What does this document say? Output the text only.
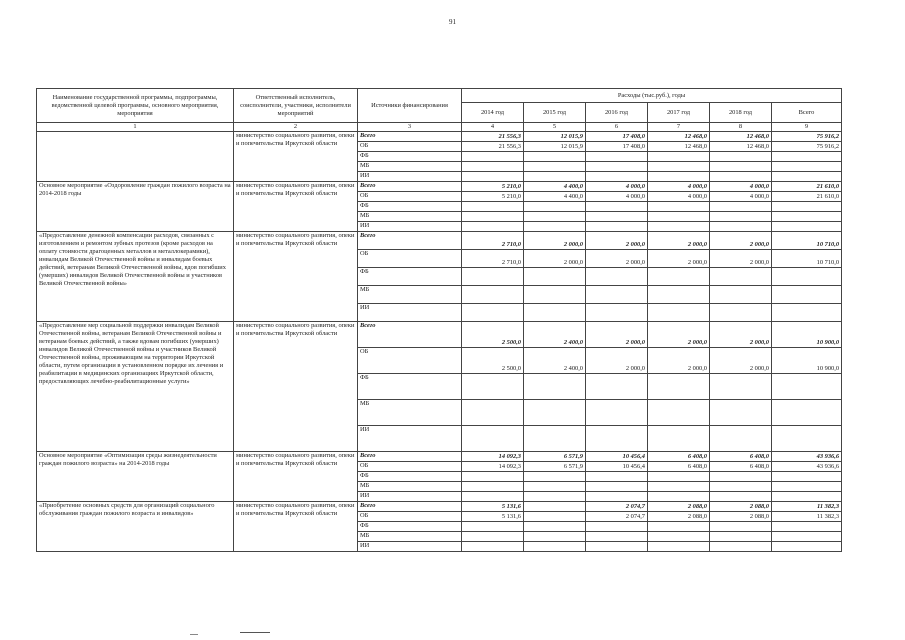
91
Наименование государственной программы, подпрограммы, ведомственной целевой программы, основного мероприятия, мероприятия	Ответственный исполнитель, соисполнители, участники, исполнители мероприятий	Источники финансирования	Расходы (тыс.руб.), годы					
			2014 год	2015 год	2016 год	2017 год	2018 год	Всего
1	2	3	4	5	6	7	8	9
	министерство социального развития, опеки и попечительства Иркутской области	Всего	21 556,3	12 015,9	17 408,0	12 468,0	12 468,0	75 916,2
		ОБ	21 556,3	12 015,9	17 408,0	12 468,0	12 468,0	75 916,2
		ФБ						
		МБ						
		ИИ						
Основное мероприятие «Оздоровление граждан пожилого возраста на 2014-2018 годы	министерство социального развития, опеки и попечительства Иркутской области	Всего	5 210,0	4 400,0	4 000,0	4 000,0	4 000,0	21 610,0
		ОБ	5 210,0	4 400,0	4 000,0	4 000,0	4 000,0	21 610,0
		ФБ						
		МБ						
		ИИ						
«Предоставление денежной компенсации расходов, связанных с изготовлением и ремонтом зубных протезов (кроме расходов на оплату стоимости драгоценных металлов и металлокерамики), инвалидам Великой Отечественной войны и инвалидам боевых действий, ветеранам Великой Отечественной войны, вдов погибших (умерших) инвалидов Великой Отечественной войны и участников Великой Отечественной войны»	министерство социального развития, опеки и попечительства Иркутской области	Всего	2 710,0	2 000,0	2 000,0	2 000,0	2 000,0	10 710,0
		ОБ	2 710,0	2 000,0	2 000,0	2 000,0	2 000,0	10 710,0
		ФБ						
		МБ						
		ИИ						
«Предоставление мер социальной поддержки инвалидам Великой Отечественной войны, ветеранам Великой Отечественной войны и ветеранам боевых действий, а также вдовам погибших (умерших) инвалидов Великой Отечественной войны и участников Великой Отечественной войны, проживающим на территории Иркутской области, путем организации в установленном порядке их лечения и реабилитации в медицинских организациях Иркутской области, предоставляющих лечебно-реабилитационные услуги»	министерство социального развития, опеки и попечительства Иркутской области	Всего	2 500,0	2 400,0	2 000,0	2 000,0	2 000,0	10 900,0
		ОБ	2 500,0	2 400,0	2 000,0	2 000,0	2 000,0	10 900,0
		ФБ						
		МБ						
		ИИ						
Основное мероприятие «Оптимизация среды жизнедеятельности граждан пожилого возраста» на 2014-2018 годы	министерство социального развития, опеки и попечительства Иркутской области	Всего	14 092,3	6 571,9	10 456,4	6 408,0	6 408,0	43 936,6
		ОБ	14 092,3	6 571,9	10 456,4	6 408,0	6 408,0	43 936,6
		ФБ						
		МБ						
		ИИ						
«Приобретение основных средств для организаций социального обслуживания граждан пожилого возраста и инвалидов»	министерство социального развития, опеки и попечительства Иркутской области	Всего	5 131,6		2 074,7	2 088,0	2 088,0	11 382,3
		ОБ	5 131,6		2 074,7	2 088,0	2 088,0	11 382,3
		ФБ						
		МБ						
		ИИ						
